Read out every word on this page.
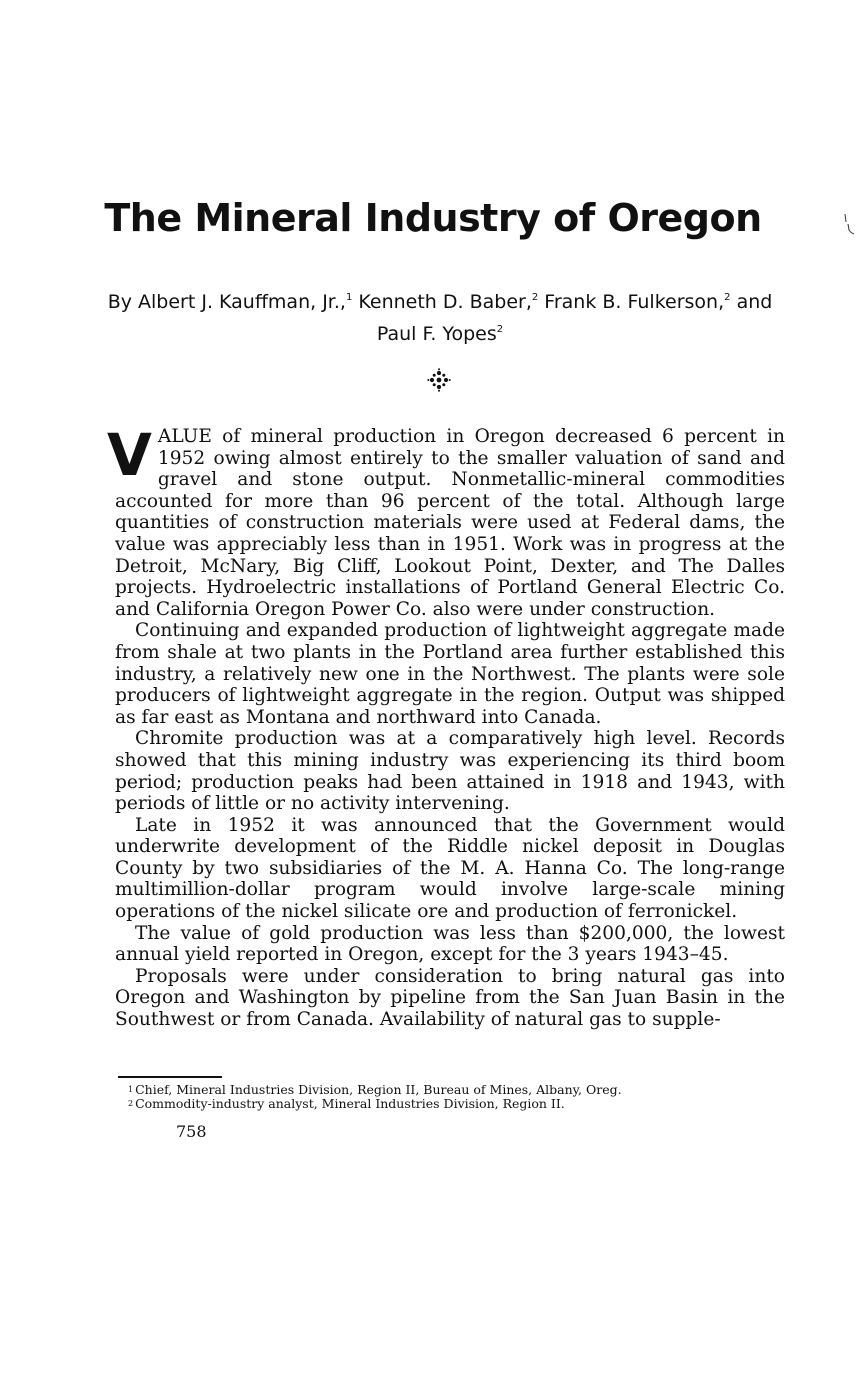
The Mineral Industry of Oregon
By Albert J. Kauffman, Jr.,$^1$ Kenneth D. Baber,$^2$ Frank B. Fulkerson,$^2$ and
Paul F. Yopes$^2$

VALUE of mineral production in Oregon decreased 6 percent in 1952 owing almost entirely to the smaller valuation of sand and gravel and stone output. Nonmetallic-mineral commodities accounted for more than 96 percent of the total. Although large quantities of construction materials were used at Federal dams, the value was appreciably less than in 1951. Work was in progress at the Detroit, McNary, Big Cliff, Lookout Point, Dexter, and The Dalles projects. Hydroelectric installations of Portland General Electric Co. and California Oregon Power Co. also were under construction.

Continuing and expanded production of lightweight aggregate made from shale at two plants in the Portland area further established this industry, a relatively new one in the Northwest. The plants were sole producers of lightweight aggregate in the region. Output was shipped as far east as Montana and northward into Canada.

Chromite production was at a comparatively high level. Records showed that this mining industry was experiencing its third boom period; production peaks had been attained in 1918 and 1943, with periods of little or no activity intervening.

Late in 1952 it was announced that the Government would underwrite development of the Riddle nickel deposit in Douglas County by two subsidiaries of the M. A. Hanna Co. The long-range multimillion-dollar program would involve large-scale mining operations of the nickel silicate ore and production of ferronickel.

The value of gold production was less than $200,000, the lowest annual yield reported in Oregon, except for the 3 years 1943–45.

Proposals were under consideration to bring natural gas into Oregon and Washington by pipeline from the San Juan Basin in the Southwest or from Canada. Availability of natural gas to supple-

$^1$ Chief, Mineral Industries Division, Region II, Bureau of Mines, Albany, Oreg.
$^2$ Commodity-industry analyst, Mineral Industries Division, Region II.
758
